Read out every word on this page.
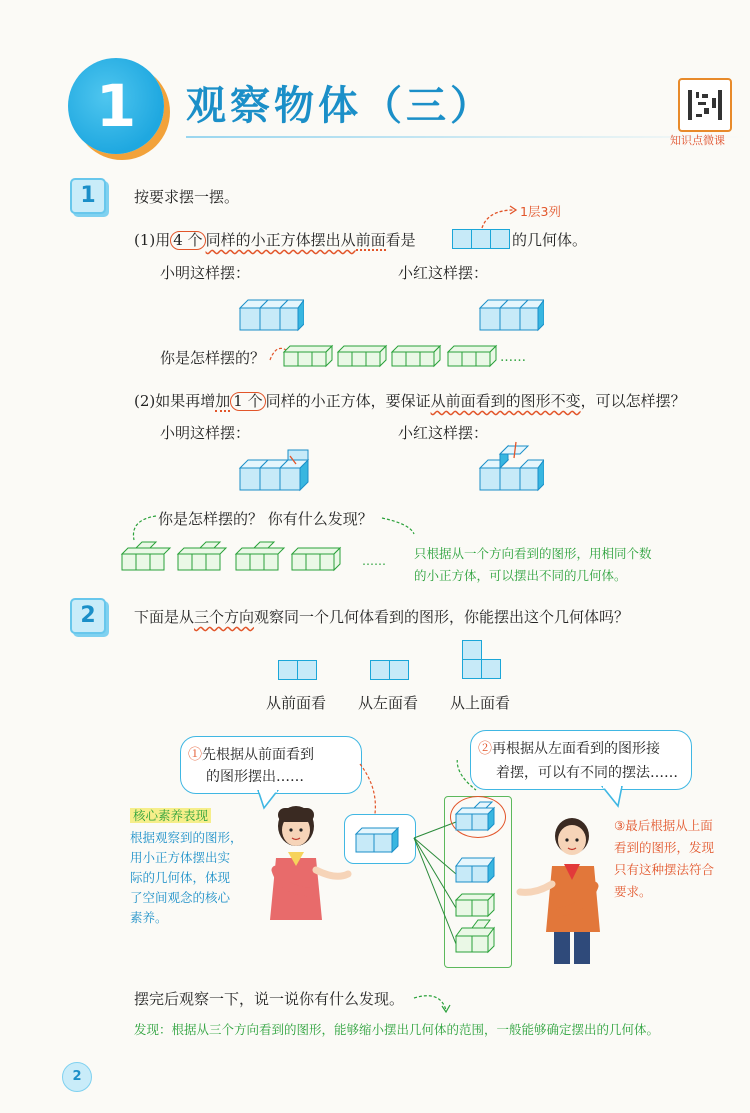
1	观察物体（三）
知识点微课
1	按要求摆一摆。
1层3列
(1)用 4 个 同样的小正方体摆出从前面看是	的几何体。
小明这样摆：	小红这样摆：
你是怎样摆的？	……
(2)如果再增加 1 个 同样的小正方体，要保证从前面看到的图形不变，可以怎样摆？
小明这样摆：	小红这样摆：
你是怎样摆的？ 你有什么发现？
…… 只根据从一个方向看到的图形，用相同个数
的小正方体，可以摆出不同的几何体。
2	下面是从三个方向观察同一个几何体看到的图形，你能摆出这个几何体吗？
从前面看 从左面看 从上面看
①先根据从前面看到
的图形摆出……
②再根据从左面看到的图形接
着摆，可以有不同的摆法……
核心素养表现
根据观察到的图形，
用小正方体摆出实
际的几何体，体现
了空间观念的核心
素养。
③最后根据从上面
看到的图形，发现
只有这种摆法符合
要求。
摆完后观察一下，说一说你有什么发现。
发现：根据从三个方向看到的图形，能够缩小摆出几何体的范围，一般能够确定摆出的几何体。
2
